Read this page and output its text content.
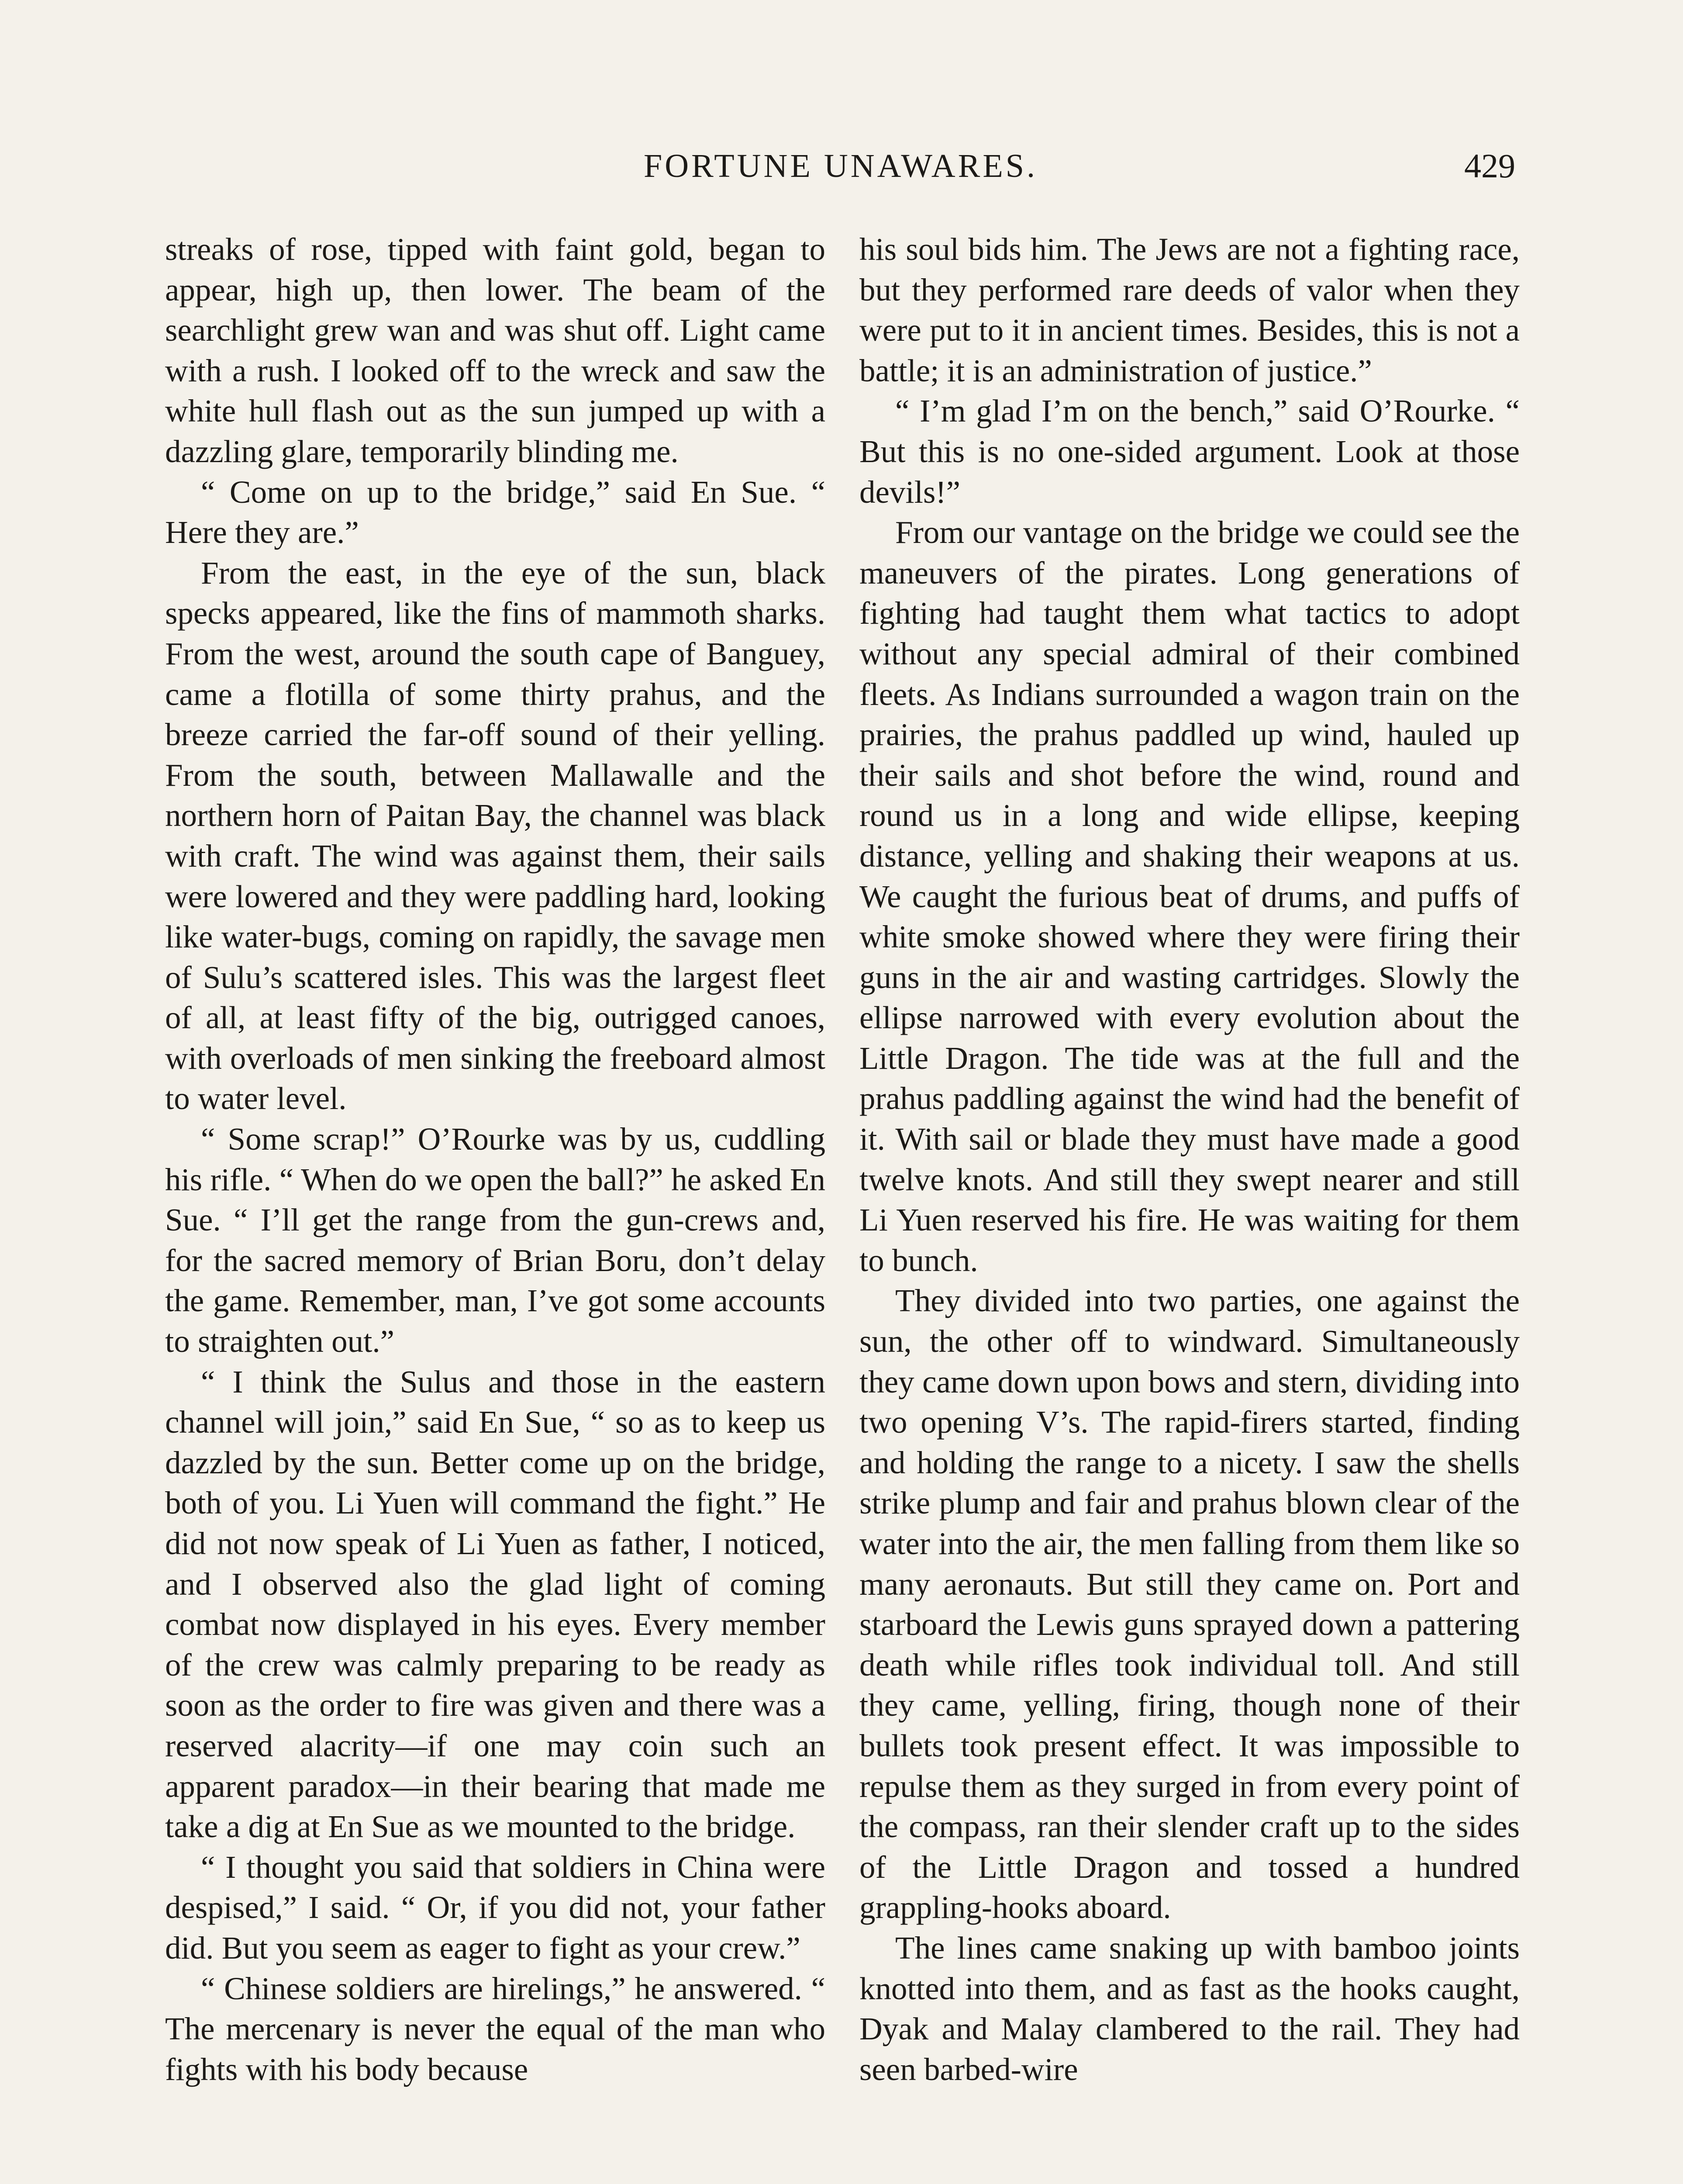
FORTUNE UNAWARES.	429

streaks of rose, tipped with faint gold, began to appear, high up, then lower. The beam of the searchlight grew wan and was shut off. Light came with a rush. I looked off to the wreck and saw the white hull flash out as the sun jumped up with a dazzling glare, temporarily blinding me.

“ Come on up to the bridge,” said En Sue. “ Here they are.”

From the east, in the eye of the sun, black specks appeared, like the fins of mammoth sharks. From the west, around the south cape of Banguey, came a flotilla of some thirty prahus, and the breeze carried the far-off sound of their yelling. From the south, between Mallawalle and the northern horn of Paitan Bay, the channel was black with craft. The wind was against them, their sails were lowered and they were paddling hard, looking like water-bugs, coming on rapidly, the savage men of Sulu’s scattered isles. This was the largest fleet of all, at least fifty of the big, outrigged canoes, with overloads of men sinking the freeboard almost to water level.

“ Some scrap!” O’Rourke was by us, cuddling his rifle. “ When do we open the ball?” he asked En Sue. “ I’ll get the range from the gun-crews and, for the sacred memory of Brian Boru, don’t delay the game. Remember, man, I’ve got some accounts to straighten out.”

“ I think the Sulus and those in the eastern channel will join,” said En Sue, “ so as to keep us dazzled by the sun. Better come up on the bridge, both of you. Li Yuen will command the fight.” He did not now speak of Li Yuen as father, I noticed, and I observed also the glad light of coming combat now displayed in his eyes. Every member of the crew was calmly preparing to be ready as soon as the order to fire was given and there was a reserved alacrity—if one may coin such an apparent paradox—in their bearing that made me take a dig at En Sue as we mounted to the bridge.

“ I thought you said that soldiers in China were despised,” I said. “ Or, if you did not, your father did. But you seem as eager to fight as your crew.”

“ Chinese soldiers are hirelings,” he answered. “ The mercenary is never the equal of the man who fights with his body because

his soul bids him. The Jews are not a fighting race, but they performed rare deeds of valor when they were put to it in ancient times. Besides, this is not a battle; it is an administration of justice.”

“ I’m glad I’m on the bench,” said O’Rourke. “ But this is no one-sided argument. Look at those devils!”

From our vantage on the bridge we could see the maneuvers of the pirates. Long generations of fighting had taught them what tactics to adopt without any special admiral of their combined fleets. As Indians surrounded a wagon train on the prairies, the prahus paddled up wind, hauled up their sails and shot before the wind, round and round us in a long and wide ellipse, keeping distance, yelling and shaking their weapons at us. We caught the furious beat of drums, and puffs of white smoke showed where they were firing their guns in the air and wasting cartridges. Slowly the ellipse narrowed with every evolution about the Little Dragon. The tide was at the full and the prahus paddling against the wind had the benefit of it. With sail or blade they must have made a good twelve knots. And still they swept nearer and still Li Yuen reserved his fire. He was waiting for them to bunch.

They divided into two parties, one against the sun, the other off to windward. Simultaneously they came down upon bows and stern, dividing into two opening V’s. The rapid-firers started, finding and holding the range to a nicety. I saw the shells strike plump and fair and prahus blown clear of the water into the air, the men falling from them like so many aeronauts. But still they came on. Port and starboard the Lewis guns sprayed down a pattering death while rifles took individual toll. And still they came, yelling, firing, though none of their bullets took present effect. It was impossible to repulse them as they surged in from every point of the compass, ran their slender craft up to the sides of the Little Dragon and tossed a hundred grappling-hooks aboard.

The lines came snaking up with bamboo joints knotted into them, and as fast as the hooks caught, Dyak and Malay clambered to the rail. They had seen barbed-wire
